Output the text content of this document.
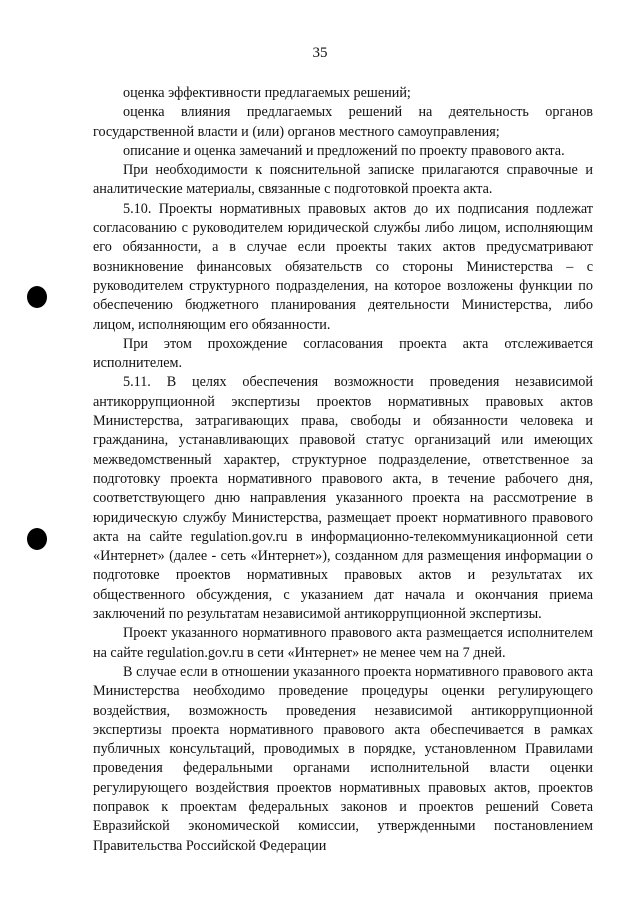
35

оценка эффективности предлагаемых решений;

оценка влияния предлагаемых решений на деятельность органов государственной власти и (или) органов местного самоуправления;

описание и оценка замечаний и предложений по проекту правового акта.

При необходимости к пояснительной записке прилагаются справочные и аналитические материалы, связанные с подготовкой проекта акта.

5.10. Проекты нормативных правовых актов до их подписания подлежат согласованию с руководителем юридической службы либо лицом, исполняющим его обязанности, а в случае если проекты таких актов предусматривают возникновение финансовых обязательств со стороны Министерства – с руководителем структурного подразделения, на которое возложены функции по обеспечению бюджетного планирования деятельности Министерства, либо лицом, исполняющим его обязанности.

При этом прохождение согласования проекта акта отслеживается исполнителем.

5.11. В целях обеспечения возможности проведения независимой антикоррупционной экспертизы проектов нормативных правовых актов Министерства, затрагивающих права, свободы и обязанности человека и гражданина, устанавливающих правовой статус организаций или имеющих межведомственный характер, структурное подразделение, ответственное за подготовку проекта нормативного правового акта, в течение рабочего дня, соответствующего дню направления указанного проекта на рассмотрение в юридическую службу Министерства, размещает проект нормативного правового акта на сайте regulation.gov.ru в информационно-телекоммуникационной сети «Интернет» (далее - сеть «Интернет»), созданном для размещения информации о подготовке проектов нормативных правовых актов и результатах их общественного обсуждения, с указанием дат начала и окончания приема заключений по результатам независимой антикоррупционной экспертизы.

Проект указанного нормативного правового акта размещается исполнителем на сайте regulation.gov.ru в сети «Интернет» не менее чем на 7 дней.

В случае если в отношении указанного проекта нормативного правового акта Министерства необходимо проведение процедуры оценки регулирующего воздействия, возможность проведения независимой антикоррупционной экспертизы проекта нормативного правового акта обеспечивается в рамках публичных консультаций, проводимых в порядке, установленном Правилами проведения федеральными органами исполнительной власти оценки регулирующего воздействия проектов нормативных правовых актов, проектов поправок к проектам федеральных законов и проектов решений Совета Евразийской экономической комиссии, утвержденными постановлением Правительства Российской Федерации
